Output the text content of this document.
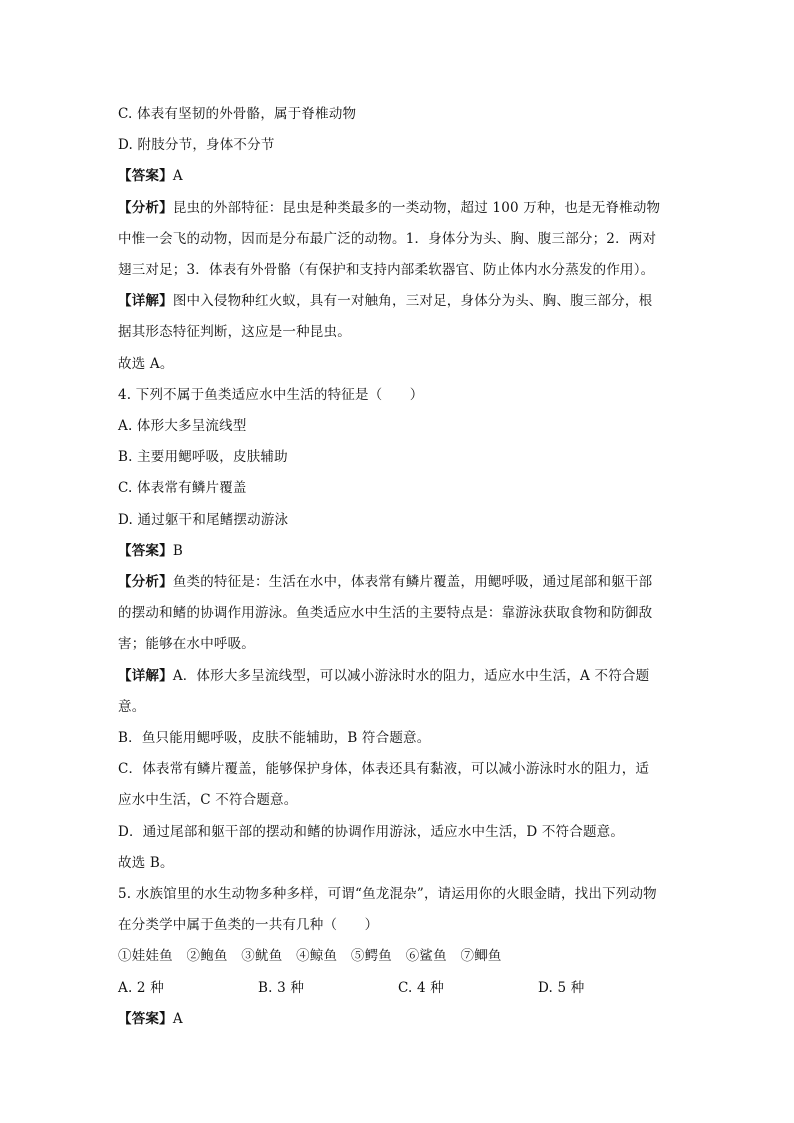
C. 体表有坚韧的外骨骼，属于脊椎动物
D. 附肢分节，身体不分节
【答案】A
【分析】昆虫的外部特征：昆虫是种类最多的一类动物，超过 100 万种，也是无脊椎动物
中惟一会飞的动物，因而是分布最广泛的动物。1．身体分为头、胸、腹三部分；2．两对
翅三对足；3．体表有外骨骼（有保护和支持内部柔软器官、防止体内水分蒸发的作用）。
【详解】图中入侵物种红火蚁，具有一对触角，三对足，身体分为头、胸、腹三部分，根
据其形态特征判断，这应是一种昆虫。
故选 A。
4. 下列不属于鱼类适应水中生活的特征是（　　）
A. 体形大多呈流线型
B. 主要用鳃呼吸，皮肤辅助
C. 体表常有鳞片覆盖
D. 通过躯干和尾鳍摆动游泳
【答案】B
【分析】鱼类的特征是：生活在水中，体表常有鳞片覆盖，用鳃呼吸，通过尾部和躯干部
的摆动和鳍的协调作用游泳。鱼类适应水中生活的主要特点是：靠游泳获取食物和防御敌
害；能够在水中呼吸。
【详解】A．体形大多呈流线型，可以减小游泳时水的阻力，适应水中生活，A 不符合题
意。
B．鱼只能用鳃呼吸，皮肤不能辅助，B 符合题意。
C．体表常有鳞片覆盖，能够保护身体，体表还具有黏液，可以减小游泳时水的阻力，适
应水中生活，C 不符合题意。
D．通过尾部和躯干部的摆动和鳍的协调作用游泳，适应水中生活，D 不符合题意。
故选 B。
5. 水族馆里的水生动物多种多样，可谓“鱼龙混杂”，请运用你的火眼金睛，找出下列动物
在分类学中属于鱼类的一共有几种（　　）
①娃娃鱼　②鲍鱼　③鱿鱼　④鲸鱼　⑤鳄鱼　⑥鲨鱼　⑦鲫鱼
A. 2 种	B. 3 种	C. 4 种	D. 5 种
【答案】A
